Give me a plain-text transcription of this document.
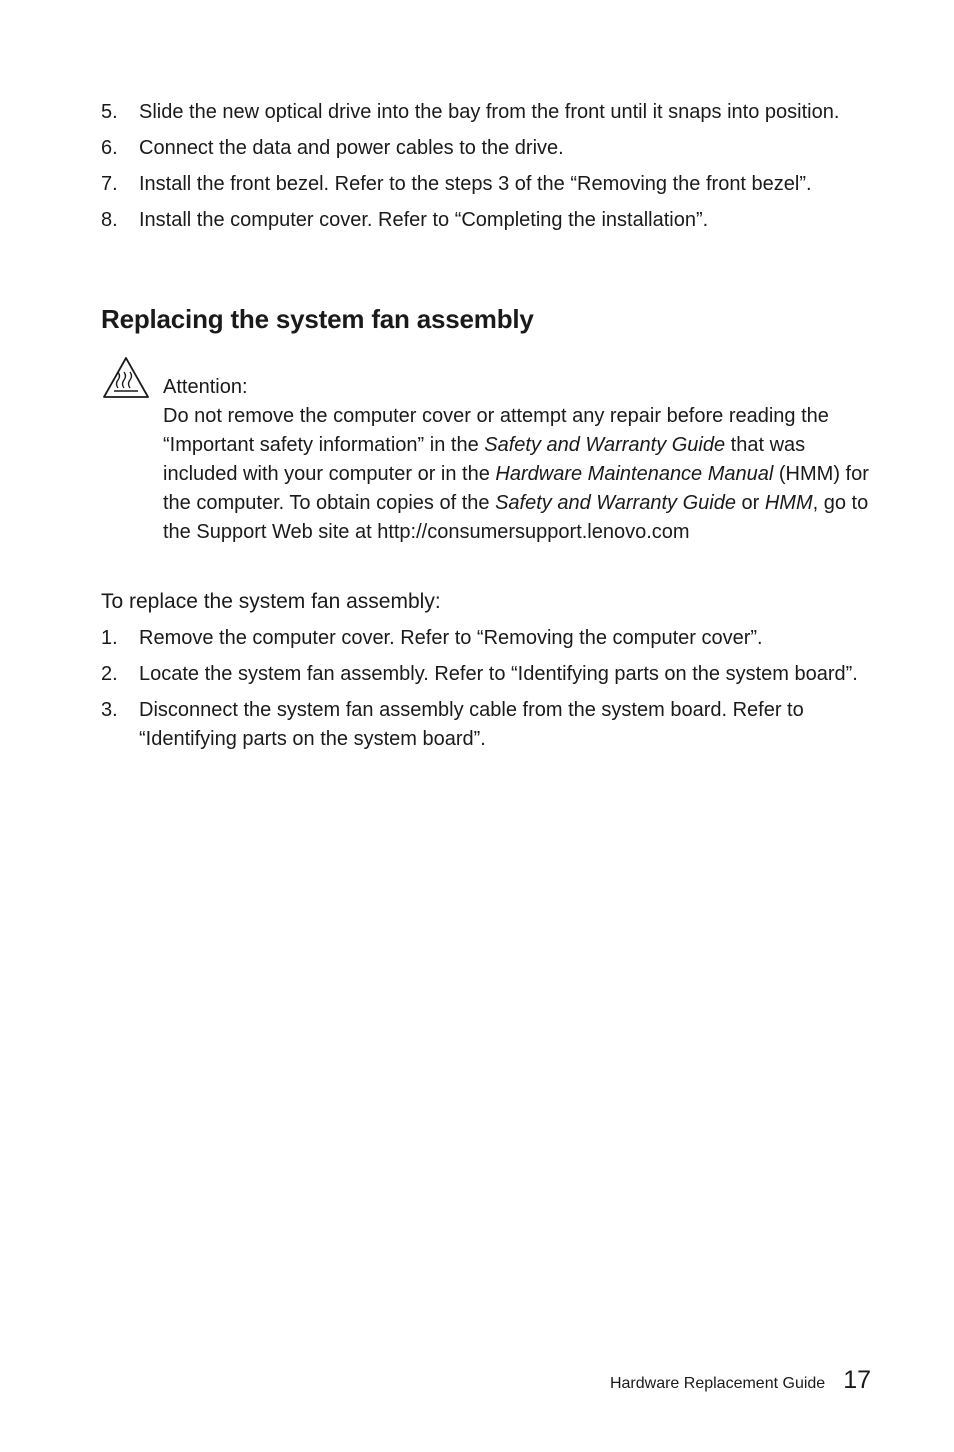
5. Slide the new optical drive into the bay from the front until it snaps into position.
6. Connect the data and power cables to the drive.
7. Install the front bezel. Refer to the steps 3 of the “Removing the front bezel”.
8. Install the computer cover. Refer to “Completing the installation”.
Replacing the system fan assembly
Attention:

Do not remove the computer cover or attempt any repair before reading the “Important safety information” in the Safety and Warranty Guide that was included with your computer or in the Hardware Maintenance Manual (HMM) for the computer. To obtain copies of the Safety and Warranty Guide or HMM, go to the Support Web site at http://consumersupport.lenovo.com

To replace the system fan assembly:
1. Remove the computer cover. Refer to “Removing the computer cover”.
2. Locate the system fan assembly. Refer to “Identifying parts on the system board”.
3. Disconnect the system fan assembly cable from the system board. Refer to “Identifying parts on the system board”.
Hardware Replacement Guide 17
